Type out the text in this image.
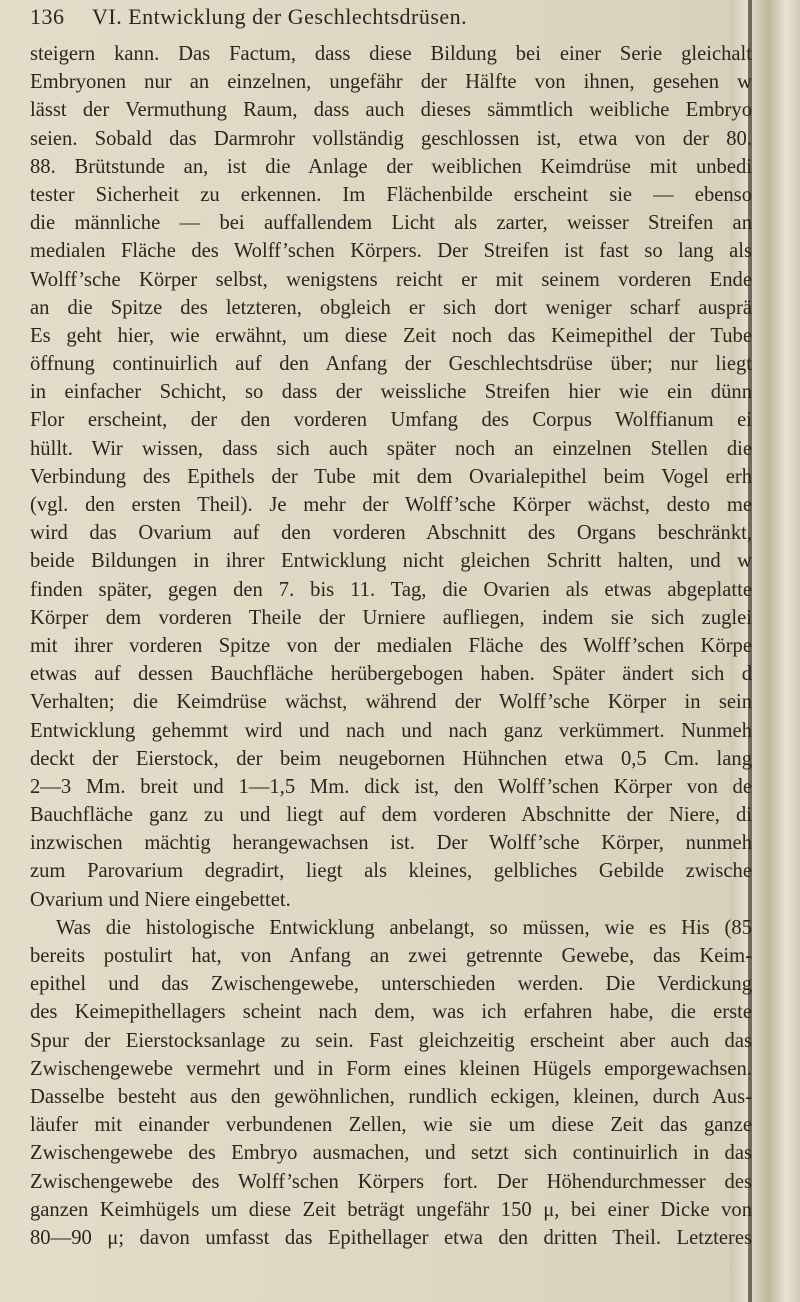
136 VI. Entwicklung der Geschlechtsdrüsen.
steigern kann. Das Factum, dass diese Bildung bei einer Serie gleichalt
Embryonen nur an einzelnen, ungefähr der Hälfte von ihnen, gesehen w
lässt der Vermuthung Raum, dass auch dieses sämmtlich weibliche Embryo
seien. Sobald das Darmrohr vollständig geschlossen ist, etwa von der 80.
88. Brütstunde an, ist die Anlage der weiblichen Keimdrüse mit unbedi
tester Sicherheit zu erkennen. Im Flächenbilde erscheint sie — ebenso
die männliche — bei auffallendem Licht als zarter, weisser Streifen an
medialen Fläche des Wolff’schen Körpers. Der Streifen ist fast so lang als
Wolff’sche Körper selbst, wenigstens reicht er mit seinem vorderen Ende
an die Spitze des letzteren, obgleich er sich dort weniger scharf ausprä
Es geht hier, wie erwähnt, um diese Zeit noch das Keimepithel der Tube
öffnung continuirlich auf den Anfang der Geschlechtsdrüse über; nur liegt
in einfacher Schicht, so dass der weissliche Streifen hier wie ein dünn
Flor erscheint, der den vorderen Umfang des Corpus Wolffianum ei
hüllt. Wir wissen, dass sich auch später noch an einzelnen Stellen die
Verbindung des Epithels der Tube mit dem Ovarialepithel beim Vogel erh
(vgl. den ersten Theil). Je mehr der Wolff’sche Körper wächst, desto me
wird das Ovarium auf den vorderen Abschnitt des Organs beschränkt,
beide Bildungen in ihrer Entwicklung nicht gleichen Schritt halten, und w
finden später, gegen den 7. bis 11. Tag, die Ovarien als etwas abgeplatte
Körper dem vorderen Theile der Urniere aufliegen, indem sie sich zuglei
mit ihrer vorderen Spitze von der medialen Fläche des Wolff’schen Körpe
etwas auf dessen Bauchfläche herübergebogen haben. Später ändert sich d
Verhalten; die Keimdrüse wächst, während der Wolff’sche Körper in sein
Entwicklung gehemmt wird und nach und nach ganz verkümmert. Nunmeh
deckt der Eierstock, der beim neugebornen Hühnchen etwa 0,5 Cm. lang
2—3 Mm. breit und 1—1,5 Mm. dick ist, den Wolff’schen Körper von de
Bauchfläche ganz zu und liegt auf dem vorderen Abschnitte der Niere, di
inzwischen mächtig herangewachsen ist. Der Wolff’sche Körper, nunmeh
zum Parovarium degradirt, liegt als kleines, gelbliches Gebilde zwische
Ovarium und Niere eingebettet.
Was die histologische Entwicklung anbelangt, so müssen, wie es His (85
bereits postulirt hat, von Anfang an zwei getrennte Gewebe, das Keim-
epithel und das Zwischengewebe, unterschieden werden. Die Verdickung
des Keimepithellagers scheint nach dem, was ich erfahren habe, die erste
Spur der Eierstocksanlage zu sein. Fast gleichzeitig erscheint aber auch das
Zwischengewebe vermehrt und in Form eines kleinen Hügels emporgewachsen.
Dasselbe besteht aus den gewöhnlichen, rundlich eckigen, kleinen, durch Aus-
läufer mit einander verbundenen Zellen, wie sie um diese Zeit das ganze
Zwischengewebe des Embryo ausmachen, und setzt sich continuirlich in das
Zwischengewebe des Wolff’schen Körpers fort. Der Höhendurchmesser des
ganzen Keimhügels um diese Zeit beträgt ungefähr 150 μ, bei einer Dicke von
80—90 μ; davon umfasst das Epithellager etwa den dritten Theil. Letzteres
